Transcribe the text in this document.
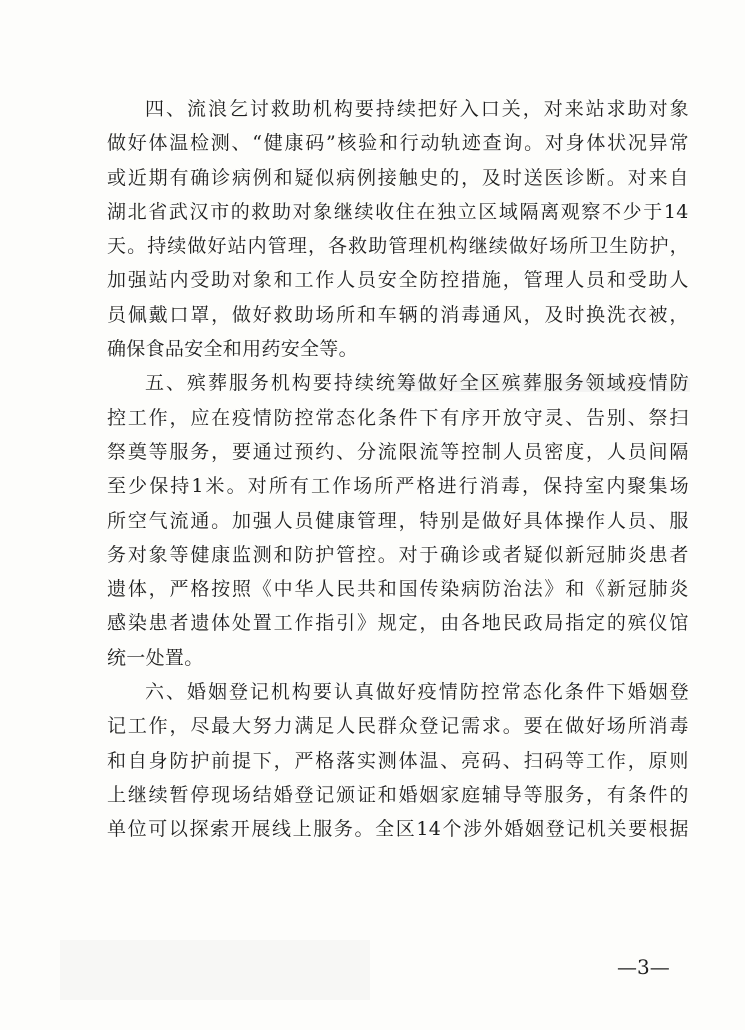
四 、 流 浪 乞 讨 救 助 机 构 要 持 续 把 好 入 口 关 ， 对 来 站 求 助 对 象
做 好 体 温 检 测 、 “ 健 康 码 ” 核 验 和 行 动 轨 迹 查 询 。 对 身 体 状 况 异 常
或 近 期 有 确 诊 病 例 和 疑 似 病 例 接 触 史 的 ， 及 时 送 医 诊 断 。 对 来 自
湖 北 省 武 汉 市 的 救 助 对 象 继 续 收 住 在 独 立 区 域 隔 离 观 察 不 少 于 14
天 。 持 续 做 好 站 内 管 理 ， 各 救 助 管 理 机 构 继 续 做 好 场 所 卫 生 防 护 ，
加 强 站 内 受 助 对 象 和 工 作 人 员 安 全 防 控 措 施 ， 管 理 人 员 和 受 助 人
员 佩 戴 口 罩 ， 做 好 救 助 场 所 和 车 辆 的 消 毒 通 风 ， 及 时 换 洗 衣 被 ，
确保食品安全和用药安全等。
五 、 殡 葬 服 务 机 构 要 持 续 统 筹 做 好 全 区 殡 葬 服 务 领 域 疫 情 防
控 工 作 ， 应 在 疫 情 防 控 常 态 化 条 件 下 有 序 开 放 守 灵 、 告 别 、 祭 扫
祭 奠 等 服 务 ， 要 通 过 预 约 、 分 流 限 流 等 控 制 人 员 密 度 ， 人 员 间 隔
至 少 保 持 1 米 。 对 所 有 工 作 场 所 严 格 进 行 消 毒 ， 保 持 室 内 聚 集 场
所 空 气 流 通 。 加 强 人 员 健 康 管 理 ， 特 别 是 做 好 具 体 操 作 人 员 、 服
务 对 象 等 健 康 监 测 和 防 护 管 控 。 对 于 确 诊 或 者 疑 似 新 冠 肺 炎 患 者
遗 体 ， 严 格 按 照 《 中 华 人 民 共 和 国 传 染 病 防 治 法 》 和 《 新 冠 肺 炎
感 染 患 者 遗 体 处 置 工 作 指 引 》 规 定 ， 由 各 地 民 政 局 指 定 的 殡 仪 馆
统一处置。
六 、 婚 姻 登 记 机 构 要 认 真 做 好 疫 情 防 控 常 态 化 条 件 下 婚 姻 登
记 工 作 ， 尽 最 大 努 力 满 足 人 民 群 众 登 记 需 求 。 要 在 做 好 场 所 消 毒
和 自 身 防 护 前 提 下 ， 严 格 落 实 测 体 温 、 亮 码 、 扫 码 等 工 作 ， 原 则
上 继 续 暂 停 现 场 结 婚 登 记 颁 证 和 婚 姻 家 庭 辅 导 等 服 务 ， 有 条 件 的
单 位 可 以 探 索 开 展 线 上 服 务 。 全 区 14 个 涉 外 婚 姻 登 记 机 关 要 根 据
—3—
